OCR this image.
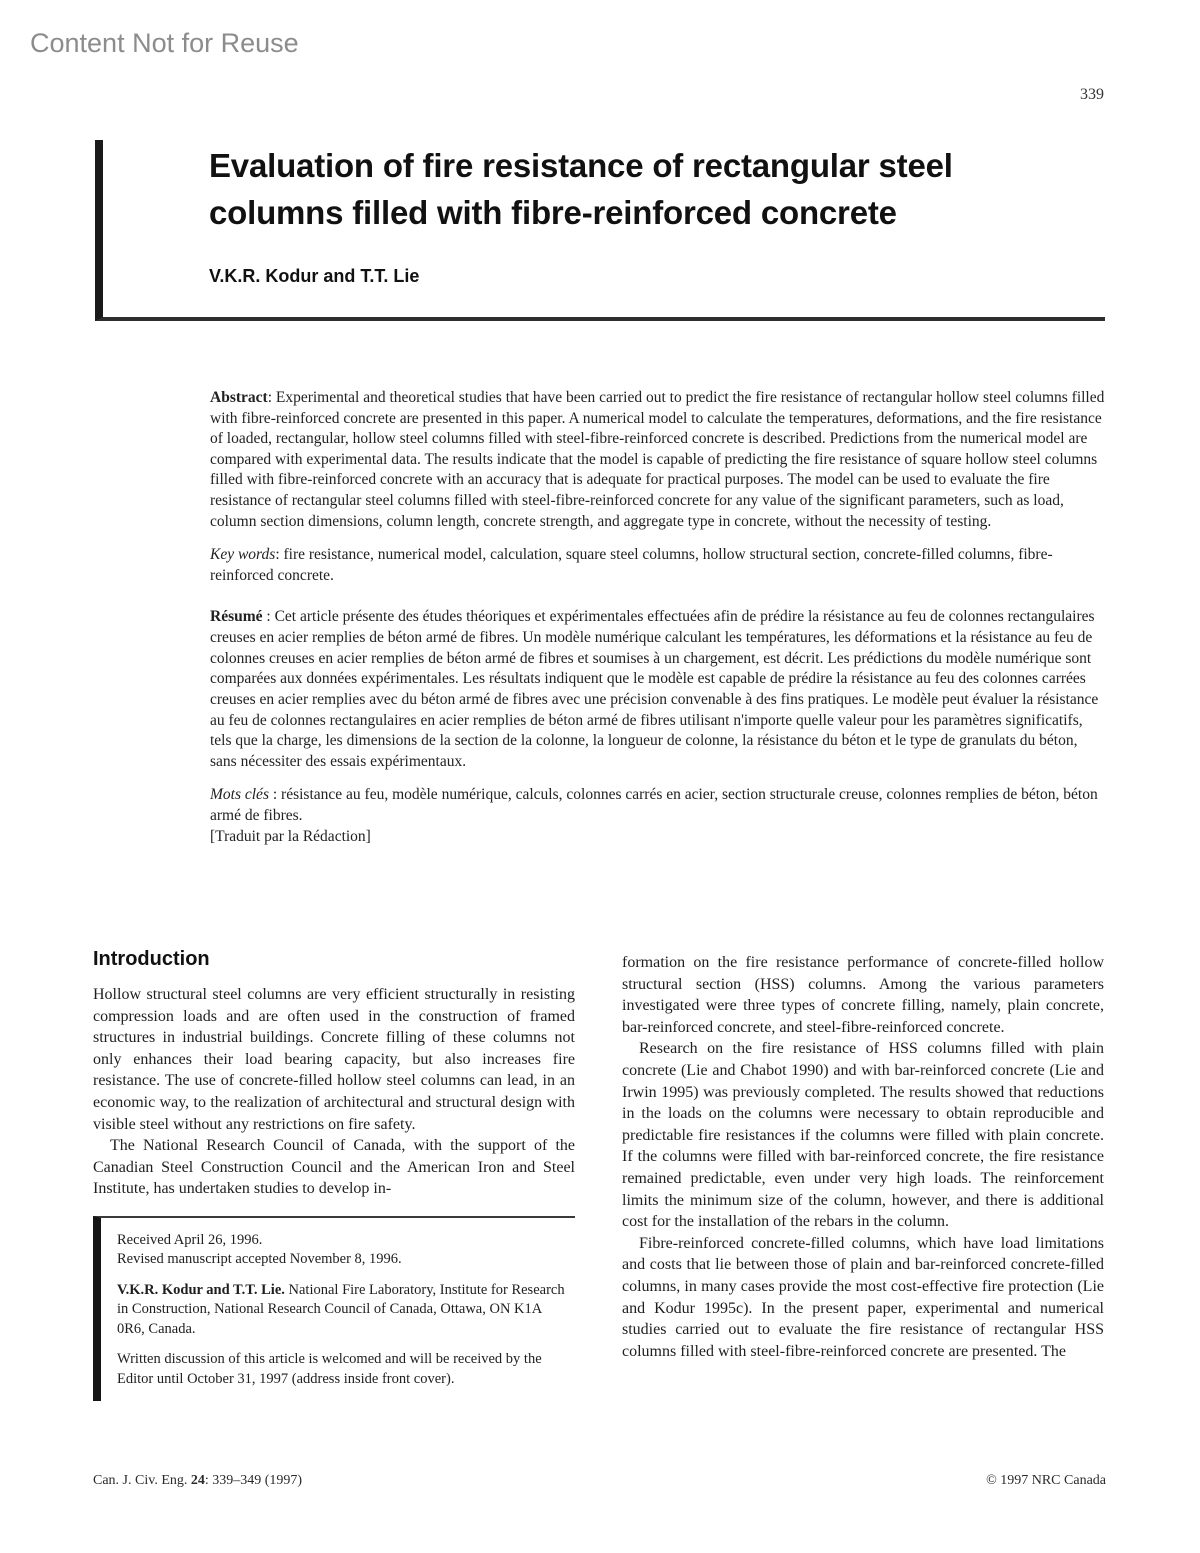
Content Not for Reuse
339
Evaluation of fire resistance of rectangular steel columns filled with fibre-reinforced concrete
V.K.R. Kodur and T.T. Lie

Abstract: Experimental and theoretical studies that have been carried out to predict the fire resistance of rectangular hollow steel columns filled with fibre-reinforced concrete are presented in this paper. A numerical model to calculate the temperatures, deformations, and the fire resistance of loaded, rectangular, hollow steel columns filled with steel-fibre-reinforced concrete is described. Predictions from the numerical model are compared with experimental data. The results indicate that the model is capable of predicting the fire resistance of square hollow steel columns filled with fibre-reinforced concrete with an accuracy that is adequate for practical purposes. The model can be used to evaluate the fire resistance of rectangular steel columns filled with steel-fibre-reinforced concrete for any value of the significant parameters, such as load, column section dimensions, column length, concrete strength, and aggregate type in concrete, without the necessity of testing.

Key words: fire resistance, numerical model, calculation, square steel columns, hollow structural section, concrete-filled columns, fibre-reinforced concrete.

Résumé : Cet article présente des études théoriques et expérimentales effectuées afin de prédire la résistance au feu de colonnes rectangulaires creuses en acier remplies de béton armé de fibres. Un modèle numérique calculant les températures, les déformations et la résistance au feu de colonnes creuses en acier remplies de béton armé de fibres et soumises à un chargement, est décrit. Les prédictions du modèle numérique sont comparées aux données expérimentales. Les résultats indiquent que le modèle est capable de prédire la résistance au feu des colonnes carrées creuses en acier remplies avec du béton armé de fibres avec une précision convenable à des fins pratiques. Le modèle peut évaluer la résistance au feu de colonnes rectangulaires en acier remplies de béton armé de fibres utilisant n'importe quelle valeur pour les paramètres significatifs, tels que la charge, les dimensions de la section de la colonne, la longueur de colonne, la résistance du béton et le type de granulats du béton, sans nécessiter des essais expérimentaux.

Mots clés : résistance au feu, modèle numérique, calculs, colonnes carrés en acier, section structurale creuse, colonnes remplies de béton, béton armé de fibres.

[Traduit par la Rédaction]

Introduction

Hollow structural steel columns are very efficient structurally in resisting compression loads and are often used in the construction of framed structures in industrial buildings. Concrete filling of these columns not only enhances their load bearing capacity, but also increases fire resistance. The use of concrete-filled hollow steel columns can lead, in an economic way, to the realization of architectural and structural design with visible steel without any restrictions on fire safety.

The National Research Council of Canada, with the support of the Canadian Steel Construction Council and the American Iron and Steel Institute, has undertaken studies to develop in-

Received April 26, 1996.
Revised manuscript accepted November 8, 1996.

V.K.R. Kodur and T.T. Lie. National Fire Laboratory, Institute for Research in Construction, National Research Council of Canada, Ottawa, ON K1A 0R6, Canada.

Written discussion of this article is welcomed and will be received by the Editor until October 31, 1997 (address inside front cover).

formation on the fire resistance performance of concrete-filled hollow structural section (HSS) columns. Among the various parameters investigated were three types of concrete filling, namely, plain concrete, bar-reinforced concrete, and steel-fibre-reinforced concrete.

Research on the fire resistance of HSS columns filled with plain concrete (Lie and Chabot 1990) and with bar-reinforced concrete (Lie and Irwin 1995) was previously completed. The results showed that reductions in the loads on the columns were necessary to obtain reproducible and predictable fire resistances if the columns were filled with plain concrete. If the columns were filled with bar-reinforced concrete, the fire resistance remained predictable, even under very high loads. The reinforcement limits the minimum size of the column, however, and there is additional cost for the installation of the rebars in the column.

Fibre-reinforced concrete-filled columns, which have load limitations and costs that lie between those of plain and bar-reinforced concrete-filled columns, in many cases provide the most cost-effective fire protection (Lie and Kodur 1995c). In the present paper, experimental and numerical studies carried out to evaluate the fire resistance of rectangular HSS columns filled with steel-fibre-reinforced concrete are presented. The

Can. J. Civ. Eng. 24: 339–349 (1997)	© 1997 NRC Canada
